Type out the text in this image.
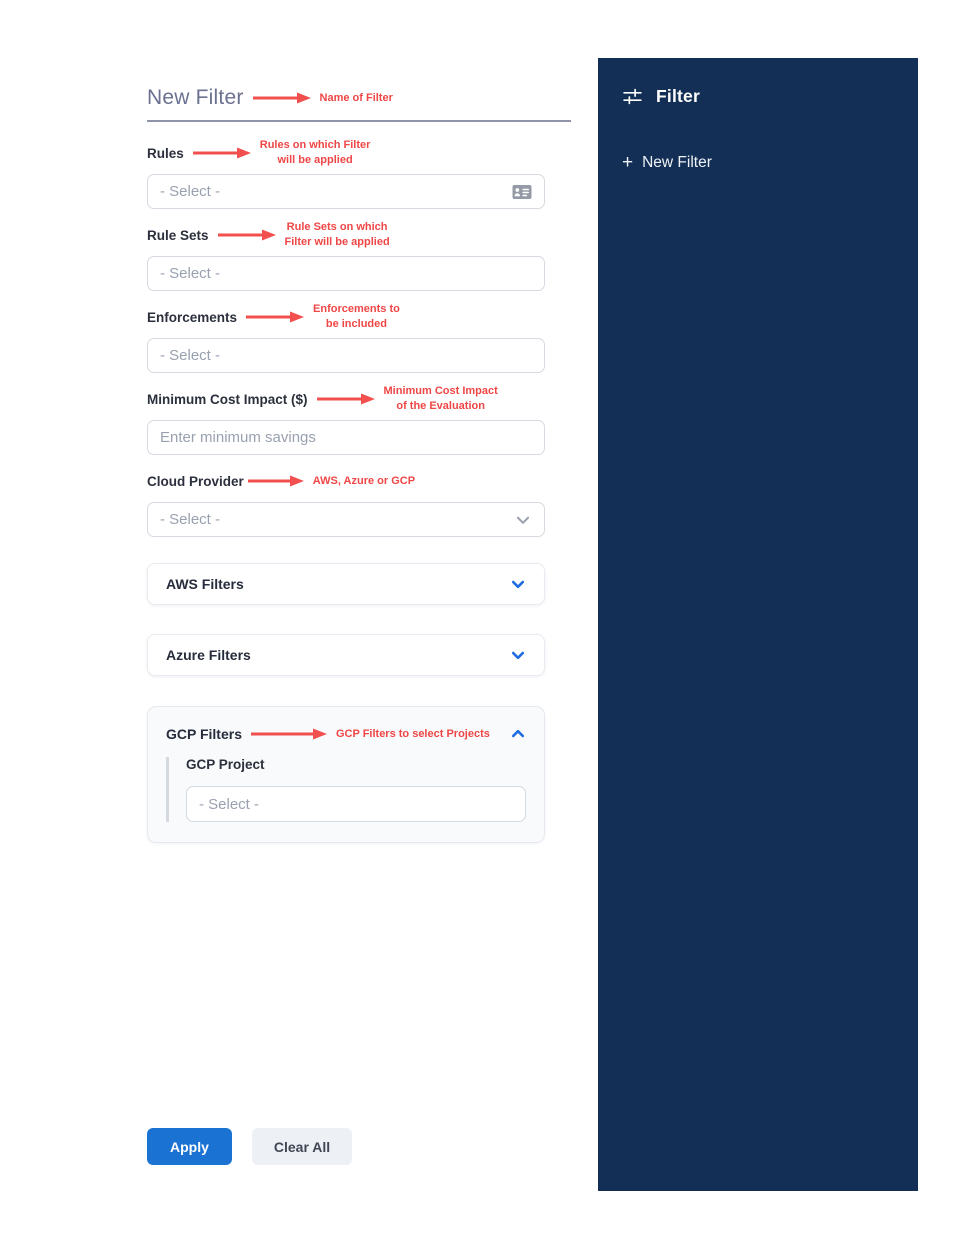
New Filter	Name of Filter
Rules
Rules on which Filter
will be applied
- Select -
Rule Sets
Rule Sets on which
Filter will be applied
- Select -
Enforcements
Enforcements to
be included
- Select -
Minimum Cost Impact ($)
Minimum Cost Impact
of the Evaluation
Enter minimum savings
Cloud Provider	AWS, Azure or GCP
- Select -
AWS Filters
Azure Filters
GCP Filters	GCP Filters to select Projects
GCP Project
- Select -
Apply	Clear All
Filter
+ New Filter
